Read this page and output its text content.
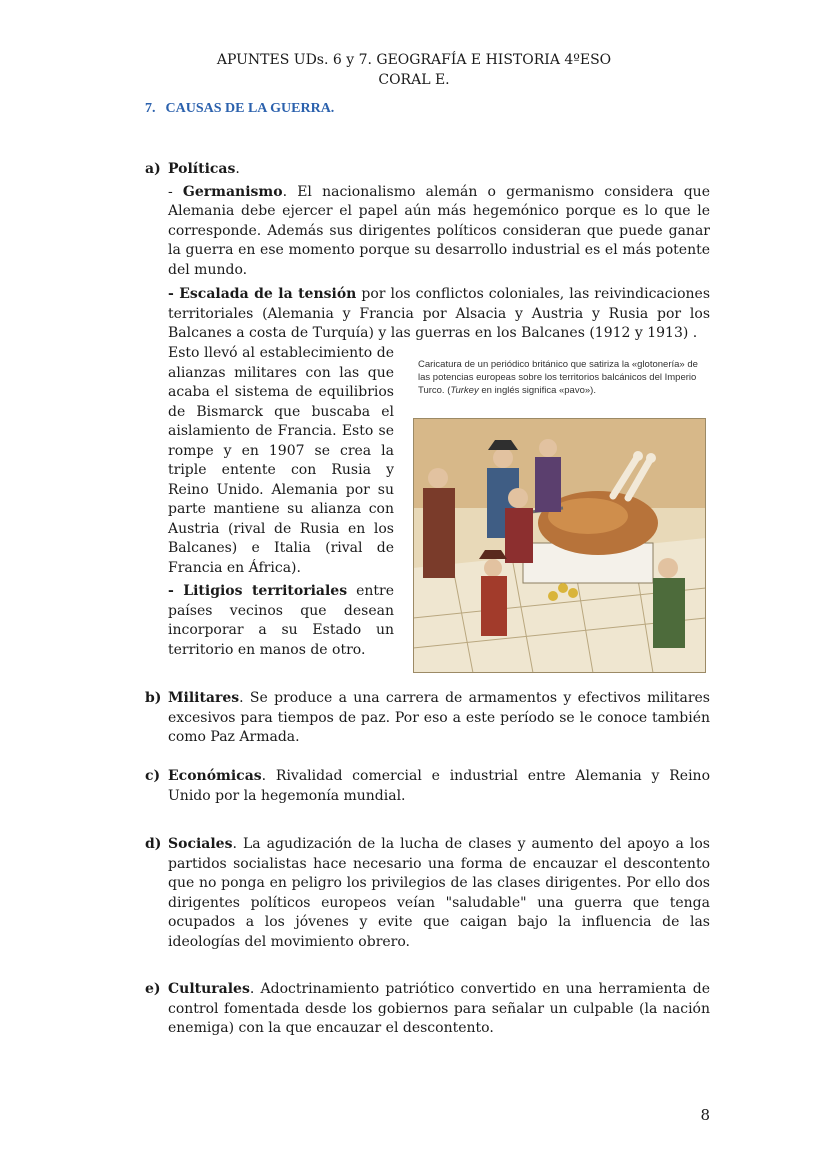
APUNTES UDs. 6 y 7. GEOGRAFÍA E HISTORIA 4ºESO
CORAL E.
7. CAUSAS DE LA GUERRA.
a) Políticas.

- Germanismo. El nacionalismo alemán o germanismo considera que Alemania debe ejercer el papel aún más hegemónico porque es lo que le corresponde. Además sus dirigentes políticos consideran que puede ganar la guerra en ese momento porque su desarrollo industrial es el más potente del mundo.

- Escalada de la tensión por los conflictos coloniales, las reivindicaciones territoriales (Alemania y Francia por Alsacia y Austria y Rusia por los Balcanes a costa de Turquía) y las guerras en los Balcanes (1912 y 1913) .

Esto llevó al establecimiento de alianzas militares con las que acaba el sistema de equilibrios de Bismarck que buscaba el aislamiento de Francia. Esto se rompe y en 1907 se crea la triple entente con Rusia y Reino Unido. Alemania por su parte mantiene su alianza con Austria (rival de Rusia en los Balcanes) e Italia (rival de Francia en África).

- Litigios territoriales entre países vecinos que desean incorporar a su Estado un territorio en manos de otro.

Caricatura de un periódico británico que satiriza la «glotonería» de las potencias europeas sobre los territorios balcánicos del Imperio Turco. (Turkey en inglés significa «pavo»).
b) Militares. Se produce a una carrera de armamentos y efectivos militares excesivos para tiempos de paz. Por eso a este período se le conoce también como Paz Armada.

c) Económicas. Rivalidad comercial e industrial entre Alemania y Reino Unido por la hegemonía mundial.

d) Sociales. La agudización de la lucha de clases y aumento del apoyo a los partidos socialistas hace necesario una forma de encauzar el descontento que no ponga en peligro los privilegios de las clases dirigentes. Por ello dos dirigentes políticos europeos veían "saludable" una guerra que tenga ocupados a los jóvenes y evite que caigan bajo la influencia de las ideologías del movimiento obrero.

e) Culturales. Adoctrinamiento patriótico convertido en una herramienta de control fomentada desde los gobiernos para señalar un culpable (la nación enemiga) con la que encauzar el descontento.

8
